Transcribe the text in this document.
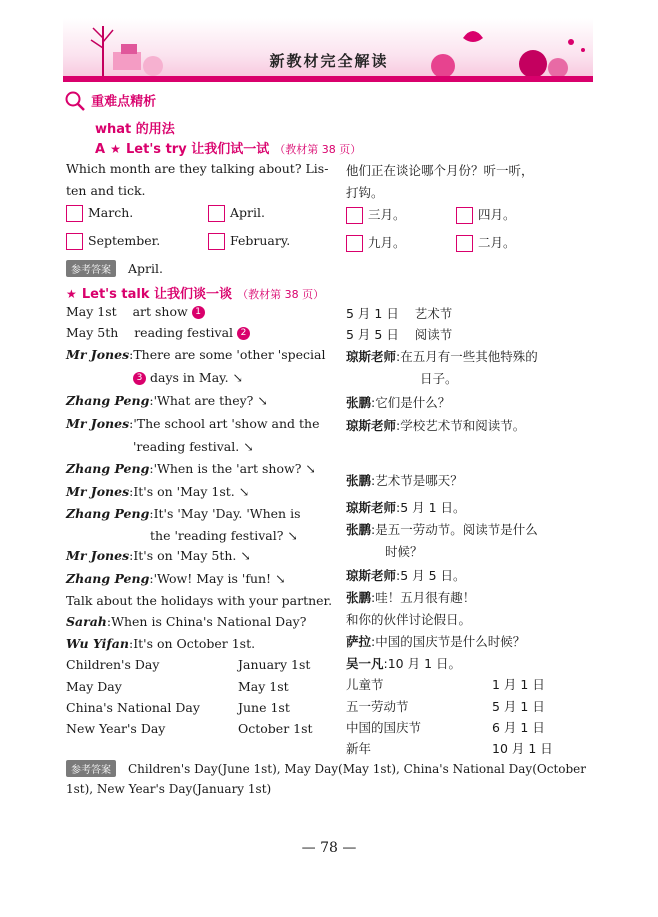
新教材完全解读
重难点精析
what 的用法
A ★ Let's try 让我们试一试 （教材第 38 页）
Which month are they talking about? Lis-
ten and tick.
他们正在谈论哪个月份？听一听，
打钩。
March.	April.
September.	February.
三月。	四月。
九月。	二月。
参考答案 April.
★ Let's talk 让我们谈一谈 （教材第 38 页）
May 1st    art show 1
May 5th    reading festival 2
5 月 1 日    艺术节
5 月 5 日    阅读节
Mr Jones:There are some 'other 'special
3 days in May. ↘
Zhang Peng:'What are they? ↘
Mr Jones:'The school art 'show and the
'reading festival. ↘
Zhang Peng:'When is the 'art show? ↘
Mr Jones:It's on 'May 1st. ↘
Zhang Peng:It's 'May 'Day. 'When is
the 'reading festival? ↘
Mr Jones:It's on 'May 5th. ↘
Zhang Peng:'Wow! May is 'fun! ↘
琼斯老师:在五月有一些其他特殊的
日子。
张鹏:它们是什么？
琼斯老师:学校艺术节和阅读节。
张鹏:艺术节是哪天？
琼斯老师:5 月 1 日。
张鹏:是五一劳动节。阅读节是什么
时候？
琼斯老师:5 月 5 日。
张鹏:哇！五月很有趣！
Talk about the holidays with your partner.
和你的伙伴讨论假日。
Sarah:When is China's National Day?
Wu Yifan:It's on October 1st.	萨拉:中国的国庆节是什么时候？
吴一凡:10 月 1 日。
Children's Day	January 1st
May Day	May 1st
China's National Day	June 1st
New Year's Day	October 1st
儿童节	1 月 1 日
五一劳动节	5 月 1 日
中国的国庆节	6 月 1 日
新年	10 月 1 日
参考答案 Children's Day(June 1st), May Day(May 1st), China's National Day(October
1st), New Year's Day(January 1st)
— 78 —
